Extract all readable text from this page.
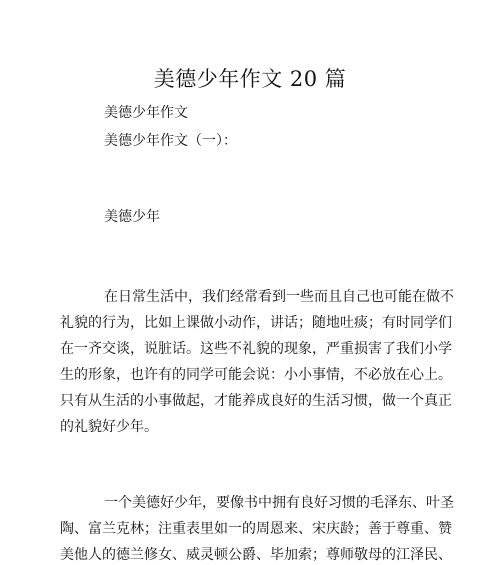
美德少年作文 20 篇
美德少年作文
美德少年作文（一）：
美德少年
在日常生活中，我们经常看到一些而且自己也可能在做不
礼貌的行为，比如上课做小动作，讲话；随地吐痰；有时同学们
在一齐交谈，说脏话。这些不礼貌的现象，严重损害了我们小学
生的形象，也许有的同学可能会说：小小事情，不必放在心上。
只有从生活的小事做起，才能养成良好的生活习惯，做一个真正
的礼貌好少年。
一个美德好少年，要像书中拥有良好习惯的毛泽东、叶圣
陶、富兰克林；注重表里如一的周恩来、宋庆龄；善于尊重、赞
美他人的德兰修女、威灵顿公爵、毕加索；尊师敬母的江泽民、
